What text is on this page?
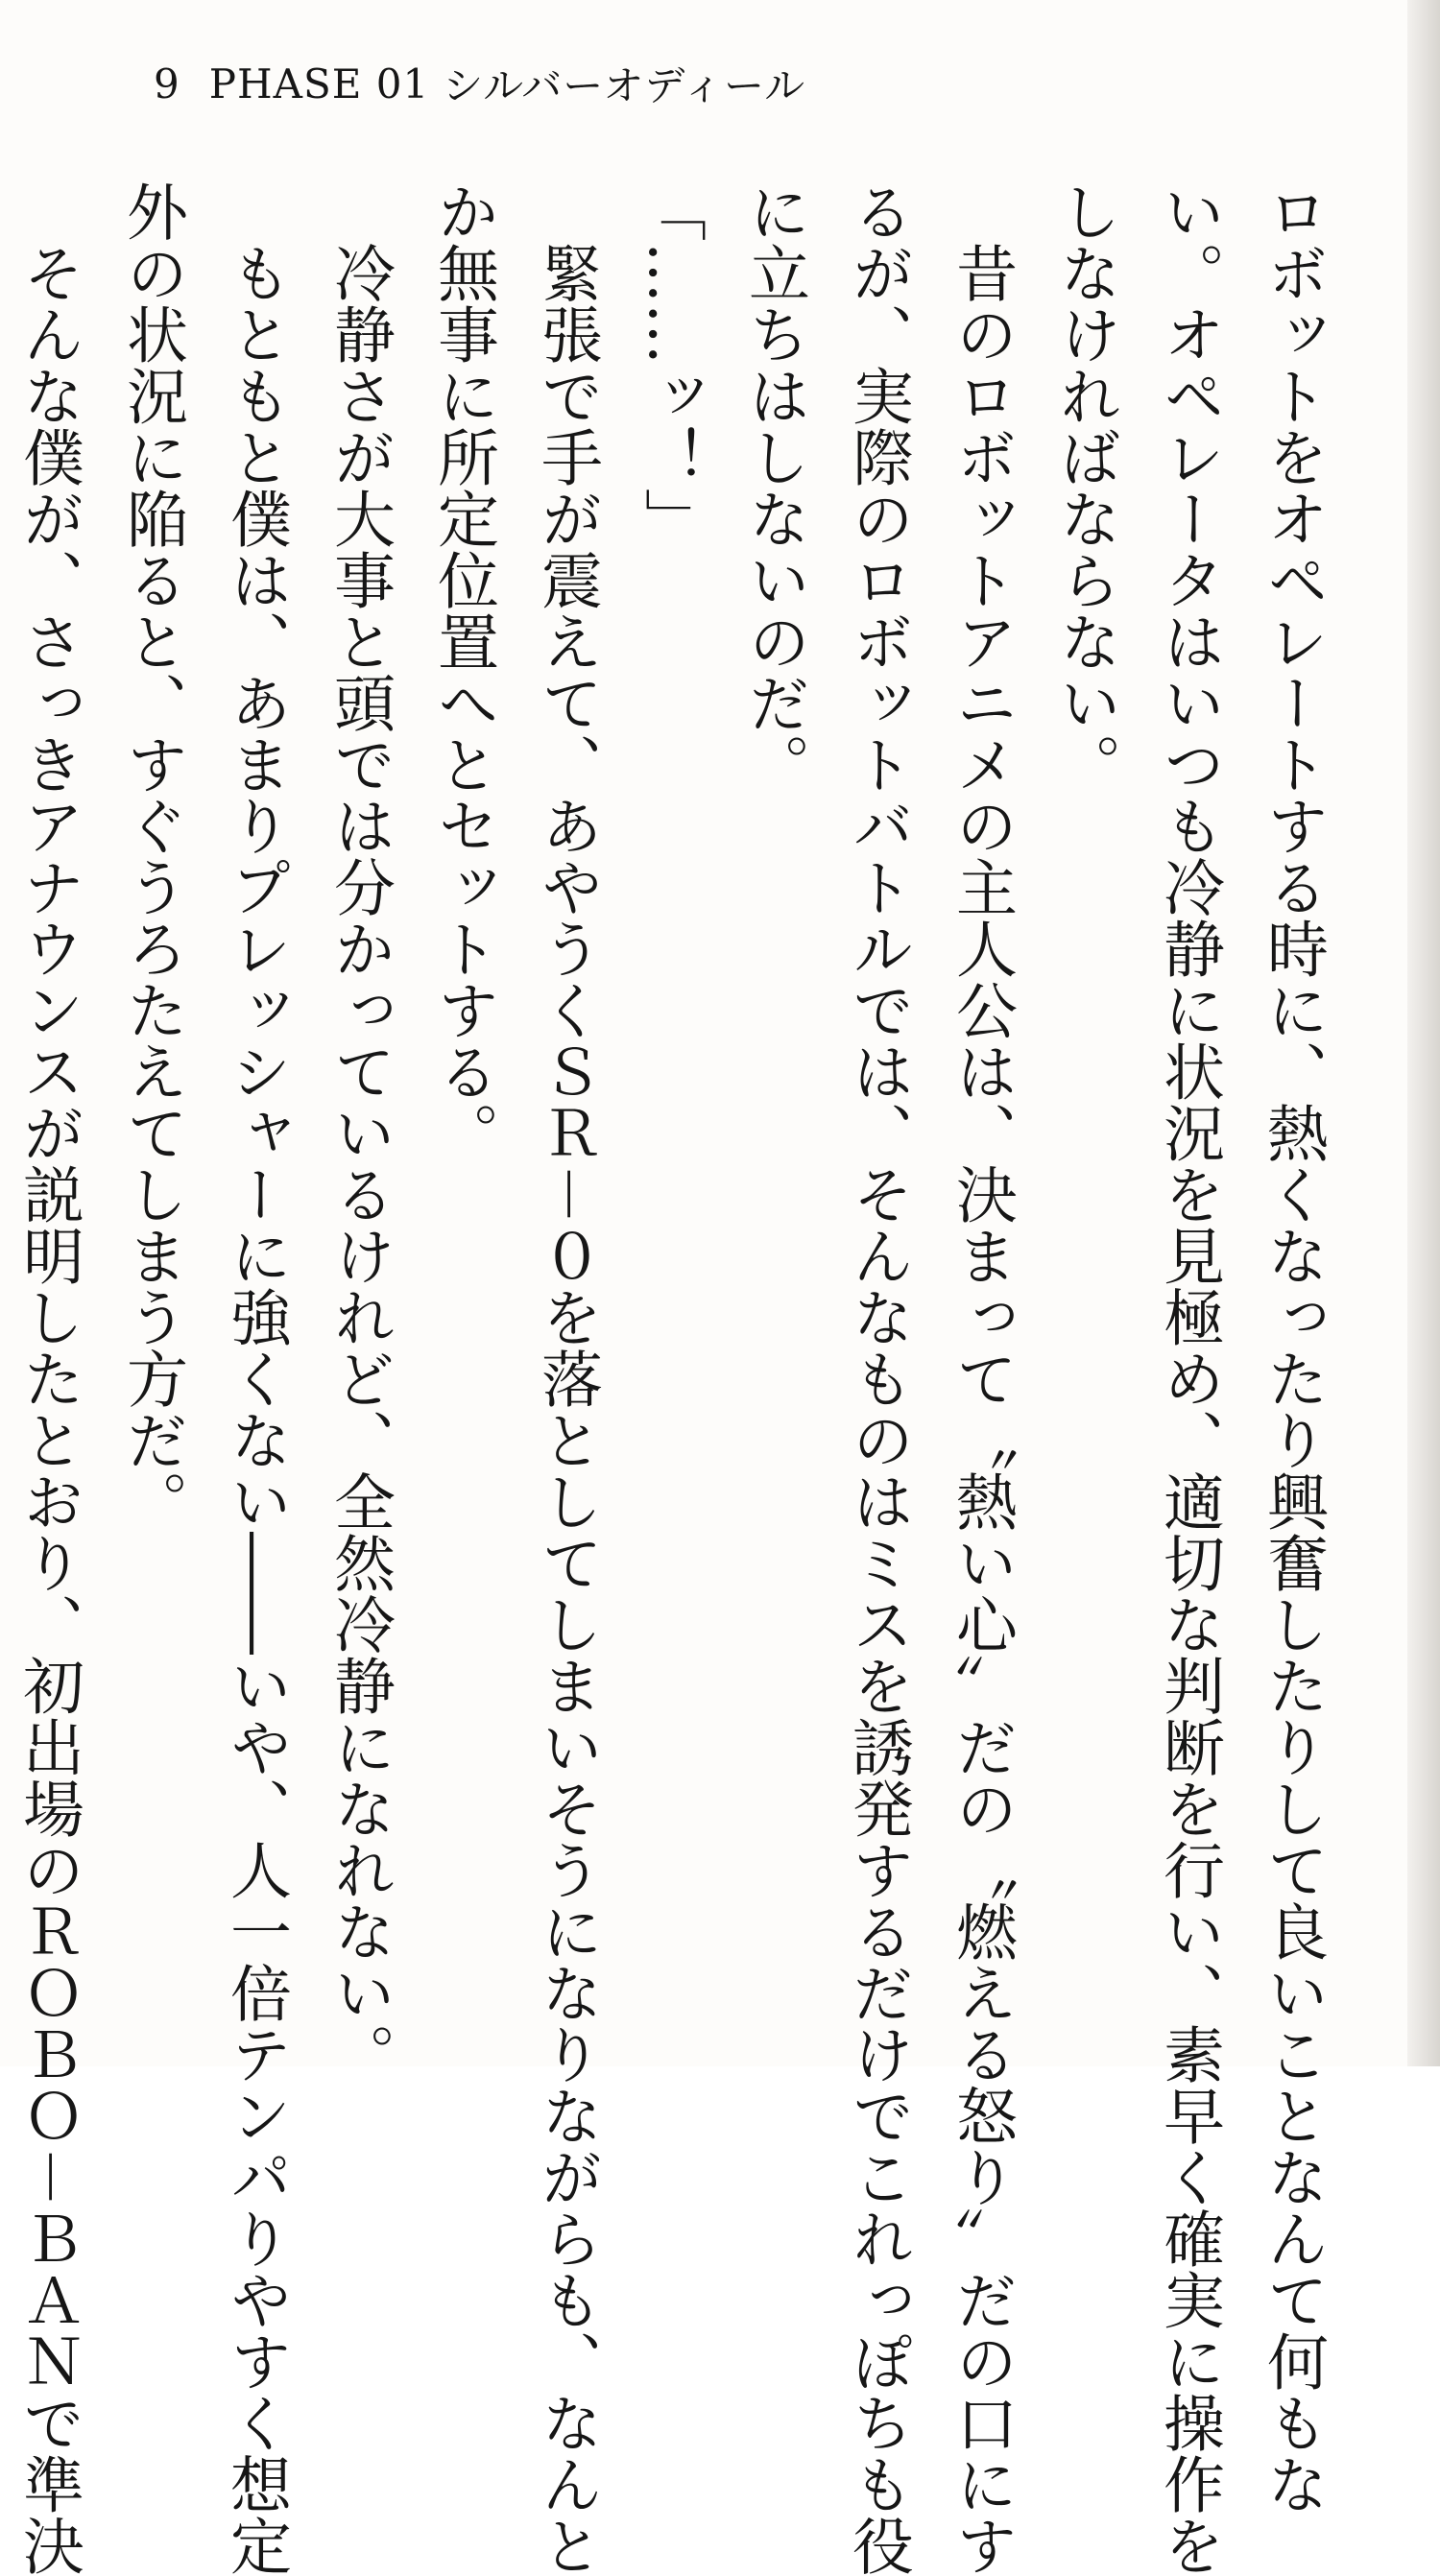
9 PHASE 01 シルバーオディール

ロボットをオペレートする時に、熱くなったり興奮したりして良いことなんて何もな

い。オペレータはいつも冷静に状況を見極め、適切な判断を行い、素早く確実に操作を

しなければならない。

　昔のロボットアニメの主人公は、決まって〝熱い心〟だの〝燃える怒り〟だの口にす

るが、実際のロボットバトルでは、そんなものはミスを誘発するだけでこれっぽちも役

に立ちはしないのだ。

「……ッ！」

　緊張で手が震えて、あやうくＳＲ－０を落としてしまいそうになりながらも、なんと

か無事に所定位置へとセットする。

　冷静さが大事と頭では分かっているけれど、全然冷静になれない。

　もともと僕は、あまりプレッシャーに強くない――いや、人一倍テンパりやすく想定

外の状況に陥ると、すぐうろたえてしまう方だ。

　そんな僕が、さっきアナウンスが説明したとおり、初出場のＲＯＢＯ－ＢＡＮで準決
